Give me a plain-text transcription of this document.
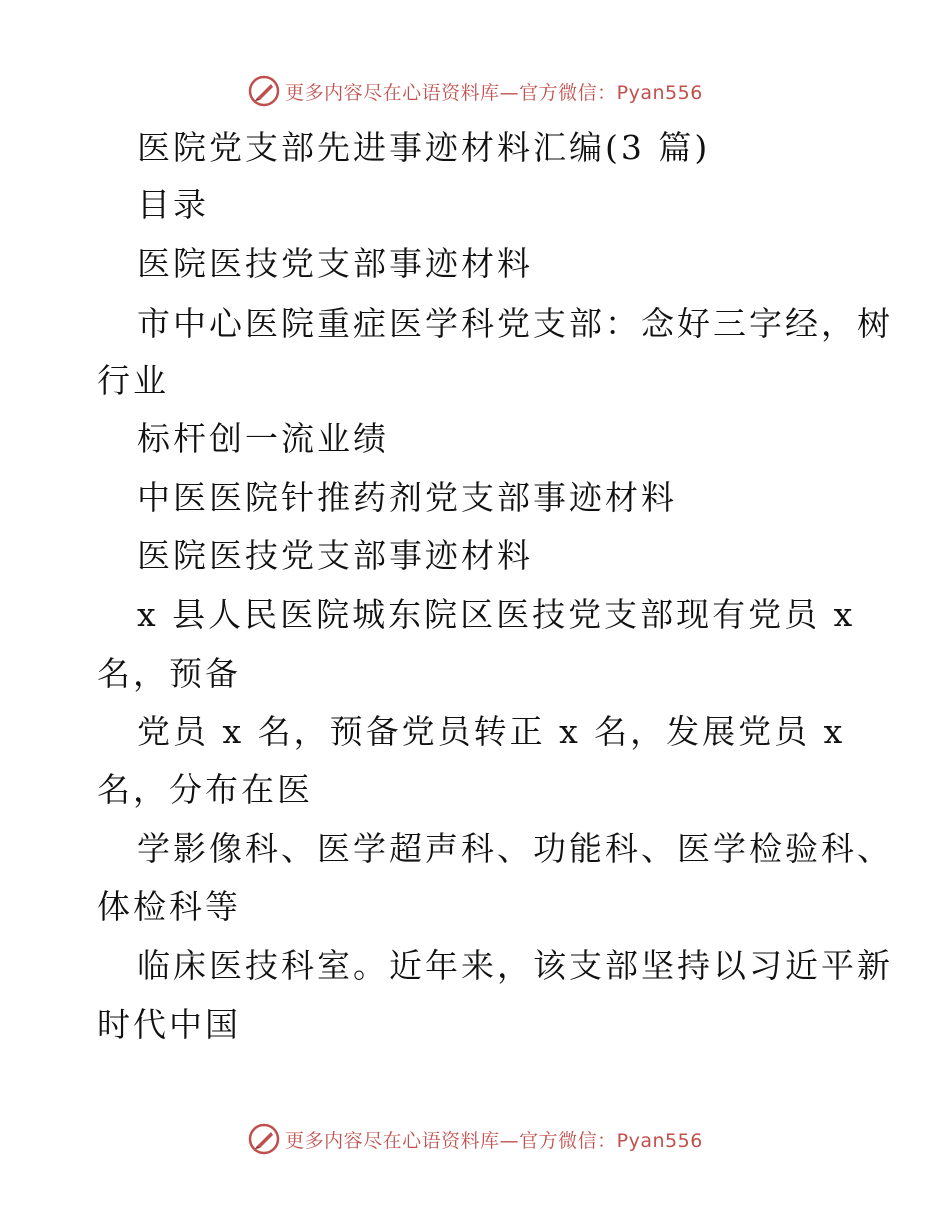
更多内容尽在心语资料库—官方微信：Pyan556
医院党支部先进事迹材料汇编(3 篇)
目录
医院医技党支部事迹材料
市中心医院重症医学科党支部：念好三字经，树
行业
标杆创一流业绩
中医医院针推药剂党支部事迹材料
医院医技党支部事迹材料
x 县人民医院城东院区医技党支部现有党员 x
名，预备
党员 x 名，预备党员转正 x 名，发展党员 x
名，分布在医
学影像科、医学超声科、功能科、医学检验科、
体检科等
临床医技科室。近年来，该支部坚持以习近平新
时代中国
更多内容尽在心语资料库—官方微信：Pyan556
